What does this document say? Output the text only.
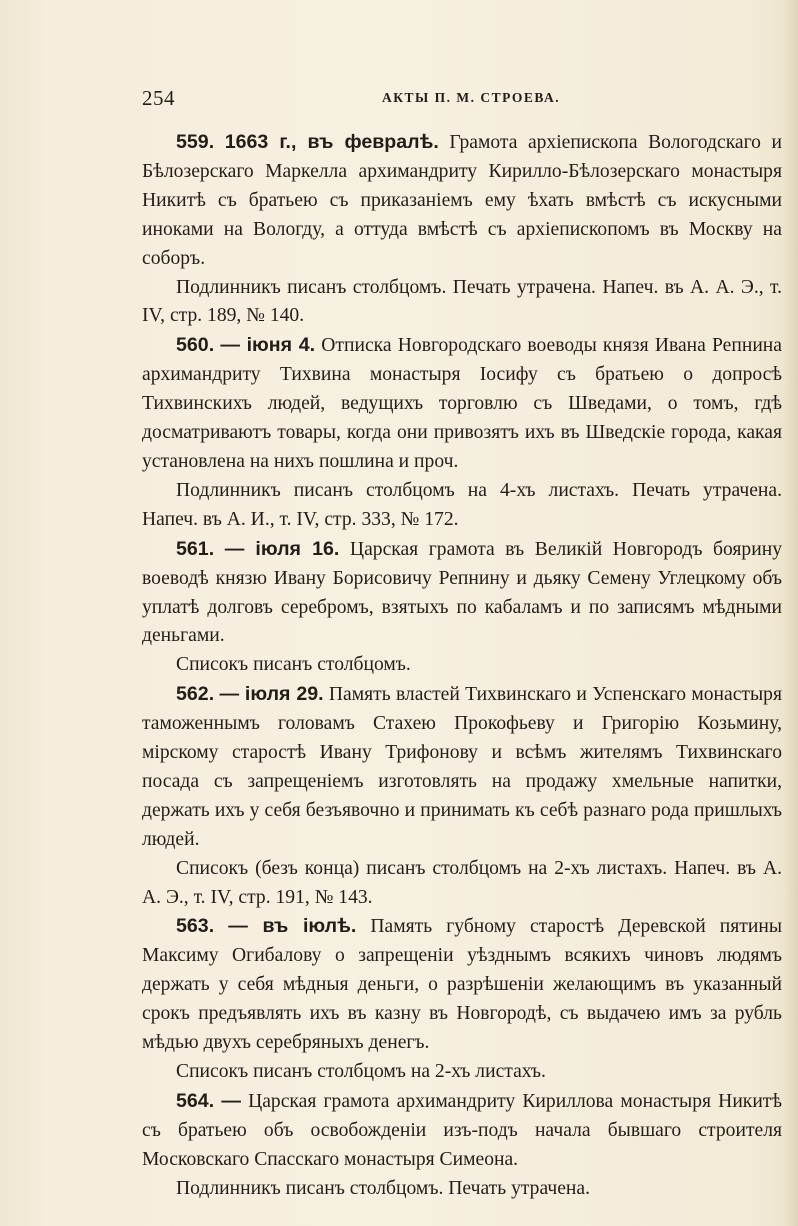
254	АКТЫ П. М. СТРОЕВА.

559. 1663 г., въ февралѣ. Грамота архіепископа Вологодскаго и Бѣлозерскаго Маркелла архимандриту Кирилло-Бѣлозерскаго монастыря Никитѣ съ братьею съ приказаніемъ ему ѣхать вмѣстѣ съ искусными иноками на Вологду, а оттуда вмѣстѣ съ архіепископомъ въ Москву на соборъ.

Подлинникъ писанъ столбцомъ. Печать утрачена. Напеч. въ А. А. Э., т. IV, стр. 189, № 140.

560. — іюня 4. Отписка Новгородскаго воеводы князя Ивана Репнина архимандриту Тихвина монастыря Іосифу съ братьею о допросѣ Тихвинскихъ людей, ведущихъ торговлю съ Шведами, о томъ, гдѣ досматриваютъ товары, когда они привозятъ ихъ въ Шведскіе города, какая установлена на нихъ пошлина и проч.

Подлинникъ писанъ столбцомъ на 4-хъ листахъ. Печать утрачена. Напеч. въ А. И., т. IV, стр. 333, № 172.

561. — іюля 16. Царская грамота въ Великій Новгородъ боярину воеводѣ князю Ивану Борисовичу Репнину и дьяку Семену Углецкому объ уплатѣ долговъ серебромъ, взятыхъ по кабаламъ и по записямъ мѣдными деньгами.

Списокъ писанъ столбцомъ.

562. — іюля 29. Память властей Тихвинскаго и Успенскаго монастыря таможеннымъ головамъ Стахею Прокофьеву и Григорію Козьмину, мірскому старостѣ Ивану Трифонову и всѣмъ жителямъ Тихвинскаго посада съ запрещеніемъ изготовлять на продажу хмельные напитки, держать ихъ у себя безъявочно и принимать къ себѣ разнаго рода пришлыхъ людей.

Списокъ (безъ конца) писанъ столбцомъ на 2-хъ листахъ. Напеч. въ А. А. Э., т. IV, стр. 191, № 143.

563. — въ іюлѣ. Память губному старостѣ Деревской пятины Максиму Огибалову о запрещеніи уѣзднымъ всякихъ чиновъ людямъ держать у себя мѣдныя деньги, о разрѣшеніи желающимъ въ указанный срокъ предъявлять ихъ въ казну въ Новгородѣ, съ выдачею имъ за рубль мѣдью двухъ серебряныхъ денегъ.

Списокъ писанъ столбцомъ на 2-хъ листахъ.

564. — Царская грамота архимандриту Кириллова монастыря Никитѣ съ братьею объ освобожденіи изъ-подъ начала бывшаго строителя Московскаго Спасскаго монастыря Симеона.

Подлинникъ писанъ столбцомъ. Печать утрачена.
